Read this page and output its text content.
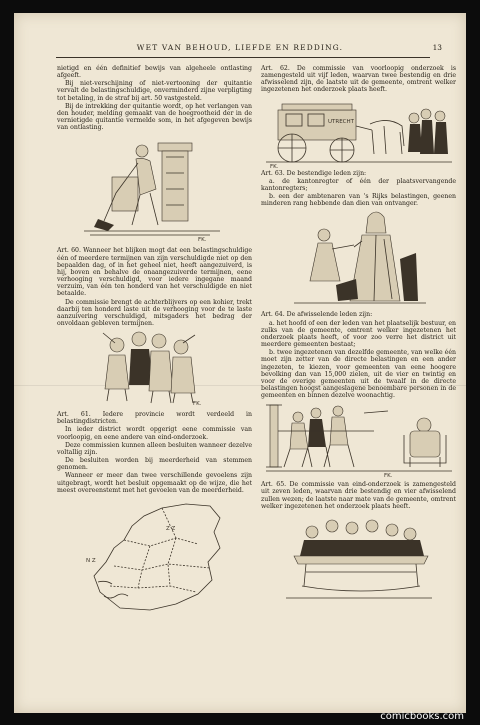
WET VAN BEHOUD, LIEFDE EN REDDING.	13

nietigd en één definitief bewijs van algeheele ontlasting afgeeft.

Bij niet-verschijning of niet-vertooning der quitantie vervalt de belastingschuldige, onverminderd zijne verpligting tot betaling, in de straf bij art. 50 vastgesteld.

Bij de intrekking der quitantie wordt, op het verlangen van den houder, melding gemaakt van de hoegrootheid der in de vernietigde quitantie vermelde som, in het afgegeven bewijs van ontlasting.

FK.

Art. 60. Wanneer het blijken mogt dat een belastingschuldige één of meerdere termijnen van zijn verschuldigde niet op den bepaalden dag, of in het geheel niet, heeft aangezuiverd, is hij, boven en behalve de onaangezuiverde termijnen, eene verhooging verschuldigd, voor iedere ingegane maand verzuim, van één ten honderd van het verschuldigde en niet betaalde.

De commissie brengt de achterblijvers op een kohier, trekt daarbij ten honderd laste uit de verhooging voor de te laste aanzuivering verschuldigd, mitsgaders het bedrag der onvoldaan gebleven termijnen.

FK.

Art. 61. Iedere provincie wordt verdeeld in belastingdistricten.

In ieder district wordt opgerigt eene commissie van voorloopig, en eene andere van eind-onderzoek.

Deze commissien kunnen alleen besluiten wanneer dezelve voltallig zijn.

De besluiten worden bij meerderheid van stemmen genomen.

Wanneer er meer dan twee verschillende gevoelens zijn uitgebragt, wordt het besluit opgemaakt op de wijze, die het meest overeenstemt met het gevoelen van de meerderheid.

N Z
Z Z

Art. 62. De commissie van voorloopig onderzoek is zamengesteld uit vijf leden, waarvan twee bestendig en drie afwisselend zijn, de laatste uit de gemeente, omtrent welker ingezetenen het onderzoek plaats heeft.

UTRECHT
FK.

Art. 63. De bestendige leden zijn:

a. de kantonregter of één der plaatsvervangende kantonregters;

b. een der ambtenaren van 's Rijks belastingen, geenen minderen rang hebbende dan dien van ontvanger.

Art. 64. De afwisselende leden zijn:

a. het hoofd of een der leden van het plaatselijk bestuur, en zulks van de gemeente, omtrent welker ingezetenen het onderzoek plaats heeft, of voor zoo verre het district uit meerdere gemeenten bestaat;

b. twee ingezetenen van dezelfde gemeente, van welke één moet zijn zetter van de directe belastingen en een ander ingezeten, te kiezen, voor gemeenten van eene hoogere bevolking dan van 15,000 zielen, uit de vier en twintig en voor de overige gemeenten uit de twaalf in de directe belastingen hoogst aangeslagene benoembare personen in de gemeenten en binnen dezelve woonachtig.

FK.

Art. 65. De commissie van eind-onderzoek is zamengesteld uit zeven leden, waarvan drie bestendig en vier afwisselend zullen wezen; de laatste naar mate van de gemeente, omtrent welker ingezetenen het onderzoek plaats heeft.

comicbooks.com
